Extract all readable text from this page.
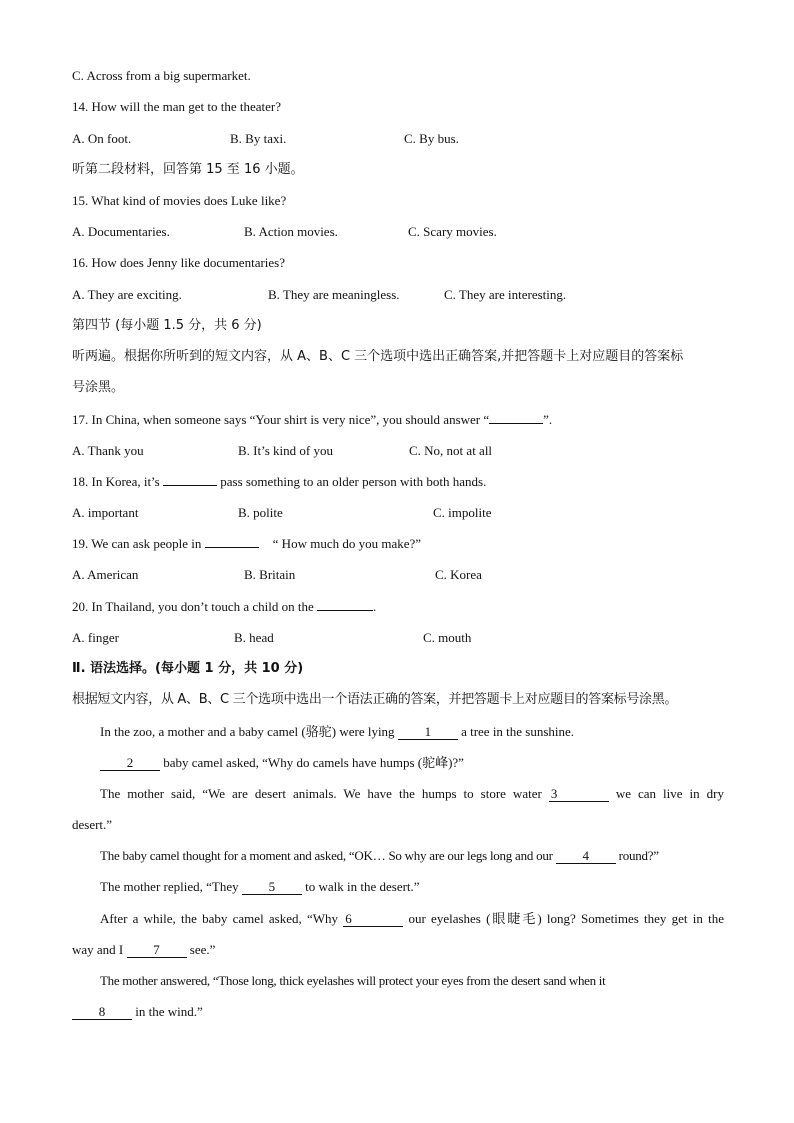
C. Across from a big supermarket.
14. How will the man get to the theater?
A. On foot.	B. By taxi.	C. By bus.
听第二段材料，回答第 15 至 16 小题。
15. What kind of movies does Luke like?
A. Documentaries.	B. Action movies.	C. Scary movies.
16. How does Jenny like documentaries?
A. They are exciting.	B. They are meaningless.	C. They are interesting.
第四节 (每小题 1.5 分，共 6 分)
听两遍。根据你所听到的短文内容，从 A、B、C 三个选项中选出正确答案,并把答题卡上对应题目的答案标
号涂黑。
17. In China, when someone says “Your shirt is very nice”, you should answer “	”.
A. Thank you	B. It’s kind of you	C. No, not at all
18. In Korea, it’s	pass something to an older person with both hands.
A. important	B. polite	C. impolite
19. We can ask people in	“ How much do you make?”
A. American	B. Britain	C. Korea
20. In Thailand, you don’t touch a child on the	.
A. finger	B. head	C. mouth
Ⅱ. 语法选择。(每小题 1 分，共 10 分)
根据短文内容，从 A、B、C 三个选项中选出一个语法正确的答案，并把答题卡上对应题目的答案标号涂黑。
In the zoo, a mother and a baby camel (骆驼) were lying 1 a tree in the sunshine.
2 baby camel asked, “Why do camels have humps (驼峰)?”
The mother said, “We are desert animals. We have the humps to store water 3	we can live in dry
desert.”
The baby camel thought for a moment and asked, “OK… So why are our legs long and our 4 round?”
The mother replied, “They 5 to walk in the desert.”
After a while, the baby camel asked, “Why 6	our eyelashes (眼睫毛) long? Sometimes they get in the
way and I 7 see.”
The mother answered, “Those long, thick eyelashes will protect your eyes from the desert sand when it
8 in the wind.”
